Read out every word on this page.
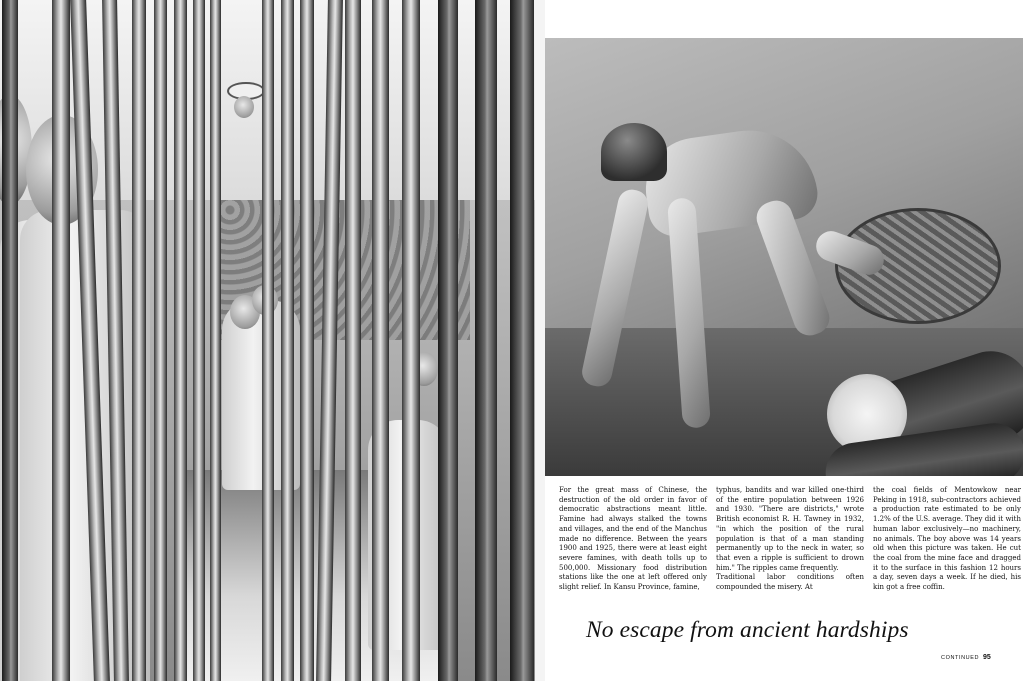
For the great mass of Chinese, the destruction of the old order in favor of democratic abstractions meant little. Famine had always stalked the towns and villages, and the end of the Manchus made no difference. Between the years 1900 and 1925, there were at least eight severe famines, with death tolls up to 500,000. Missionary food distribution stations like the one at left offered only slight relief. In Kansu Province, famine,

typhus, bandits and war killed one-third of the entire population between 1926 and 1930. "There are districts," wrote British economist R. H. Tawney in 1932, "in which the position of the rural population is that of a man standing permanently up to the neck in water, so that even a ripple is sufficient to drown him." The ripples came frequently.
Traditional labor conditions often compounded the misery. At

the coal fields of Mentowkow near Peking in 1918, sub-contractors achieved a production rate estimated to be only 1.2% of the U.S. average. They did it with human labor exclusively—no machinery, no animals. The boy above was 14 years old when this picture was taken. He cut the coal from the mine face and dragged it to the surface in this fashion 12 hours a day, seven days a week. If he died, his kin got a free coffin.

No escape from ancient hardships
CONTINUED 95
